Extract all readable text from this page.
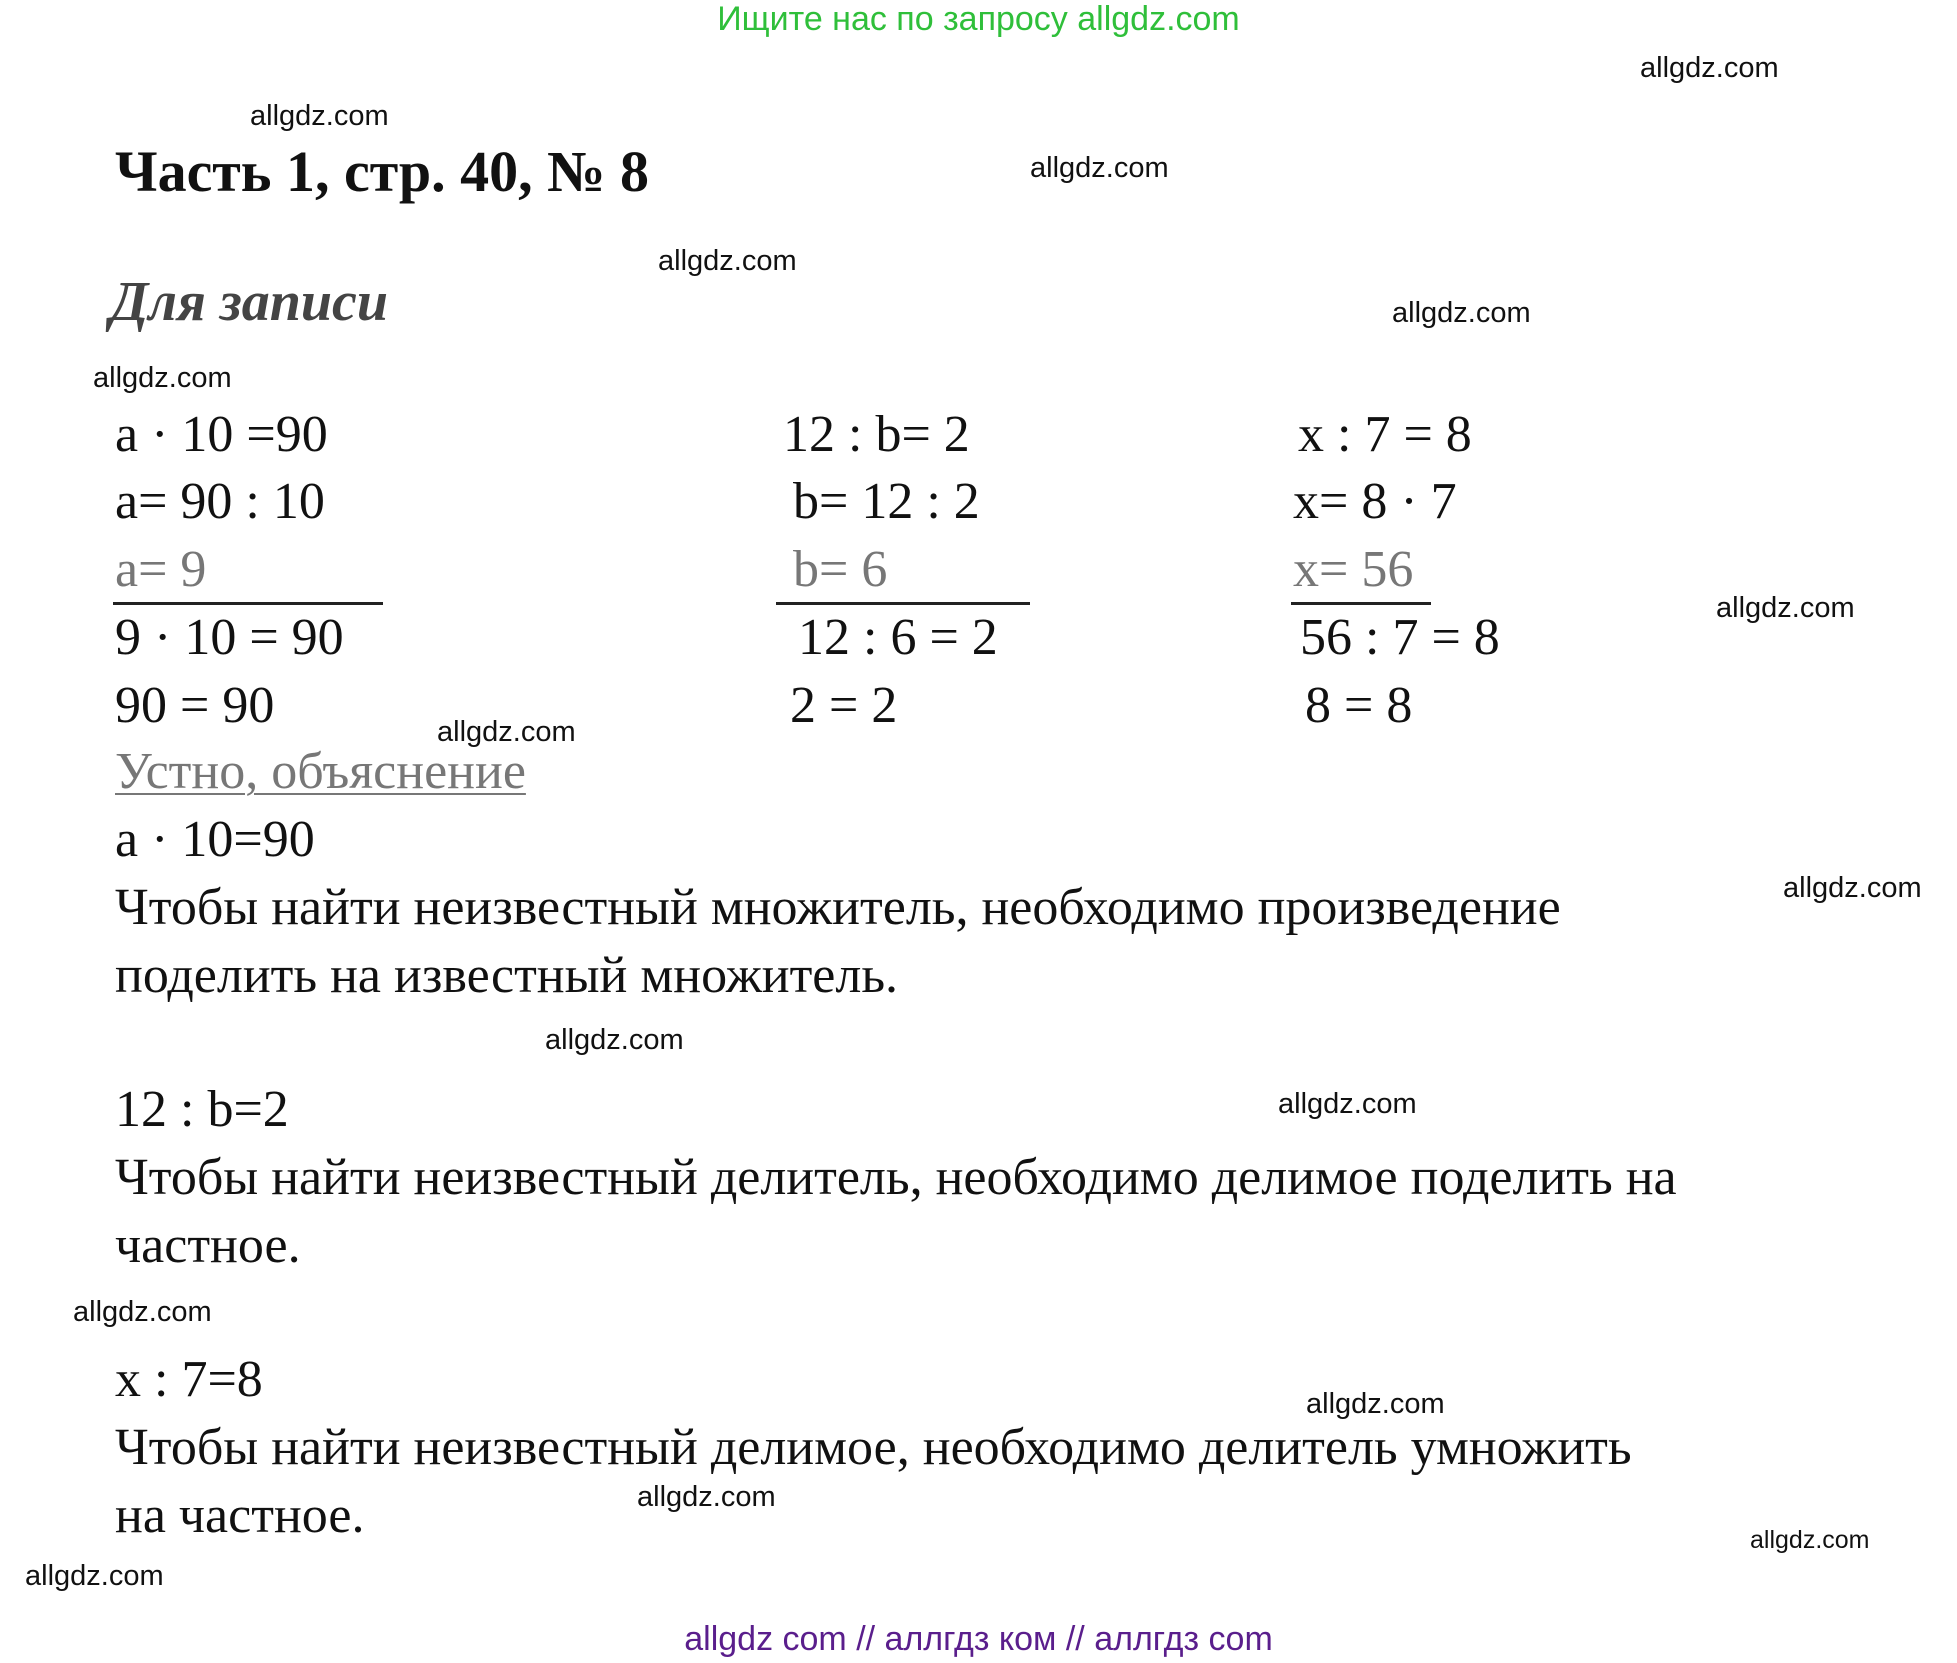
Ищите нас по запросу allgdz.com
allgdz.com
allgdz.com
allgdz.com
allgdz.com
allgdz.com
allgdz.com
allgdz.com
allgdz.com
allgdz.com
allgdz.com
allgdz.com
allgdz.com
allgdz.com
allgdz.com
allgdz.com
allgdz.com
Часть 1, стр. 40, № 8
Для записи
a · 10 =90
a= 90 : 10
a= 9
9 · 10 = 90
90 = 90
12 : b= 2
b= 12 : 2
b= 6
12 : 6 = 2
2 = 2
x : 7 = 8
x= 8 · 7
x= 56
56 : 7 = 8
8 = 8
Устно, объяснение
a · 10=90
Чтобы найти неизвестный множитель, необходимо произведение
поделить на известный множитель.
12 : b=2
Чтобы найти неизвестный делитель, необходимо делимое поделить на
частное.
x : 7=8
Чтобы найти неизвестный делимое, необходимо делитель умножить
на частное.
allgdz com // аллгдз ком // аллгдз com
